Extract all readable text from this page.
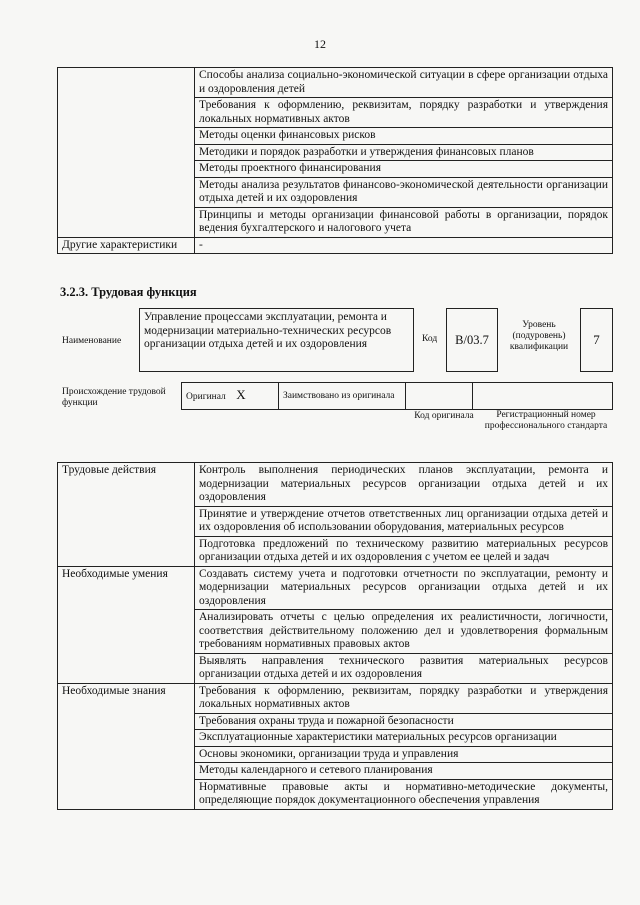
12
	Способы анализа социально-экономической ситуации в сфере организации отдыха и оздоровления детей
	Требования к оформлению, реквизитам, порядку разработки и утверждения локальных нормативных актов
	Методы оценки финансовых рисков
	Методики и порядок разработки и утверждения финансовых планов
	Методы проектного финансирования
	Методы анализа результатов финансово-экономической деятельности организации отдыха детей и их оздоровления
	Принципы и методы организации финансовой работы в организации, порядок ведения бухгалтерского и налогового учета
Другие характеристики	-
3.2.3. Трудовая функция
Наименование
Управление процессами эксплуатации, ремонта и модернизации материально-технических ресурсов организации отдыха детей и их оздоровления	Код	B/03.7
Уровень (подуровень) квалификации	7
Происхождение трудовой функции
Оригинал X	Заимствовано из оригинала		
Код оригинала	Регистрационный номер профессионального стандарта
Трудовые действия	Контроль выполнения периодических планов эксплуатации, ремонта и модернизации материальных ресурсов организации отдыха детей и их оздоровления
	Принятие и утверждение отчетов ответственных лиц организации отдыха детей и их оздоровления об использовании оборудования, материальных ресурсов
	Подготовка предложений по техническому развитию материальных ресурсов организации отдыха детей и их оздоровления с учетом ее целей и задач
Необходимые умения	Создавать систему учета и подготовки отчетности по эксплуатации, ремонту и модернизации материальных ресурсов организации отдыха детей и их оздоровления
	Анализировать отчеты с целью определения их реалистичности, логичности, соответствия действительному положению дел и удовлетворения формальным требованиям нормативных правовых актов
	Выявлять направления технического развития материальных ресурсов организации отдыха детей и их оздоровления
Необходимые знания	Требования к оформлению, реквизитам, порядку разработки и утверждения локальных нормативных актов
	Требования охраны труда и пожарной безопасности
	Эксплуатационные характеристики материальных ресурсов организации
	Основы экономики, организации труда и управления
	Методы календарного и сетевого планирования
	Нормативные правовые акты и нормативно-методические документы, определяющие порядок документационного обеспечения управления
